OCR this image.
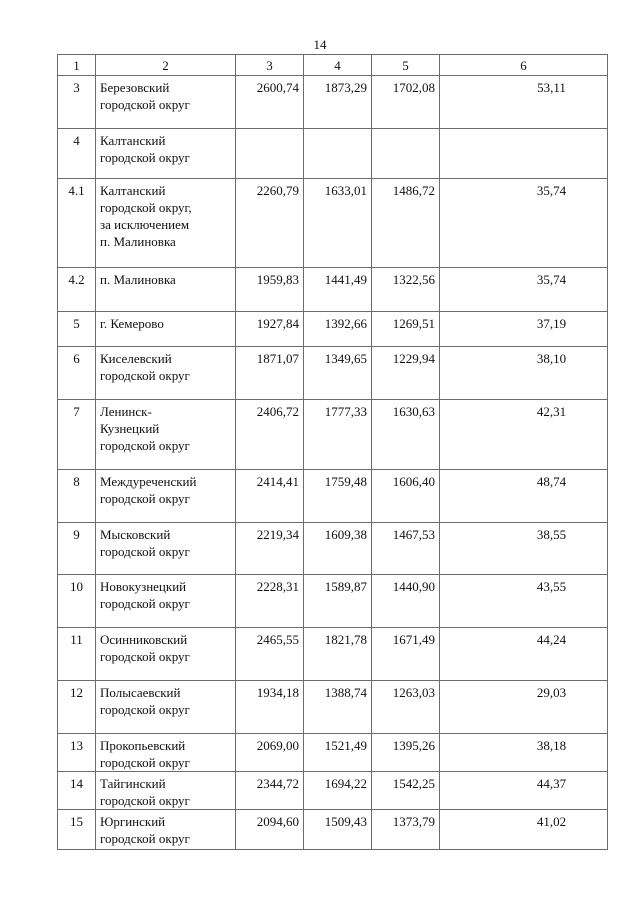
14
1	2	3	4	5	6
3	Березовский
городской округ	2600,74	1873,29	1702,08	53,11
4	Калтанский
городской округ				
4.1	Калтанский
городской округ,
за исключением
п. Малиновка	2260,79	1633,01	1486,72	35,74
4.2	п. Малиновка	1959,83	1441,49	1322,56	35,74
5	г. Кемерово	1927,84	1392,66	1269,51	37,19
6	Киселевский
городской округ	1871,07	1349,65	1229,94	38,10
7	Ленинск-
Кузнецкий
городской округ	2406,72	1777,33	1630,63	42,31
8	Междуреченский
городской округ	2414,41	1759,48	1606,40	48,74
9	Мысковский
городской округ	2219,34	1609,38	1467,53	38,55
10	Новокузнецкий
городской округ	2228,31	1589,87	1440,90	43,55
11	Осинниковский
городской округ	2465,55	1821,78	1671,49	44,24
12	Полысаевский
городской округ	1934,18	1388,74	1263,03	29,03
13	Прокопьевский
городской округ	2069,00	1521,49	1395,26	38,18
14	Тайгинский
городской округ	2344,72	1694,22	1542,25	44,37
15	Юргинский
городской округ	2094,60	1509,43	1373,79	41,02
